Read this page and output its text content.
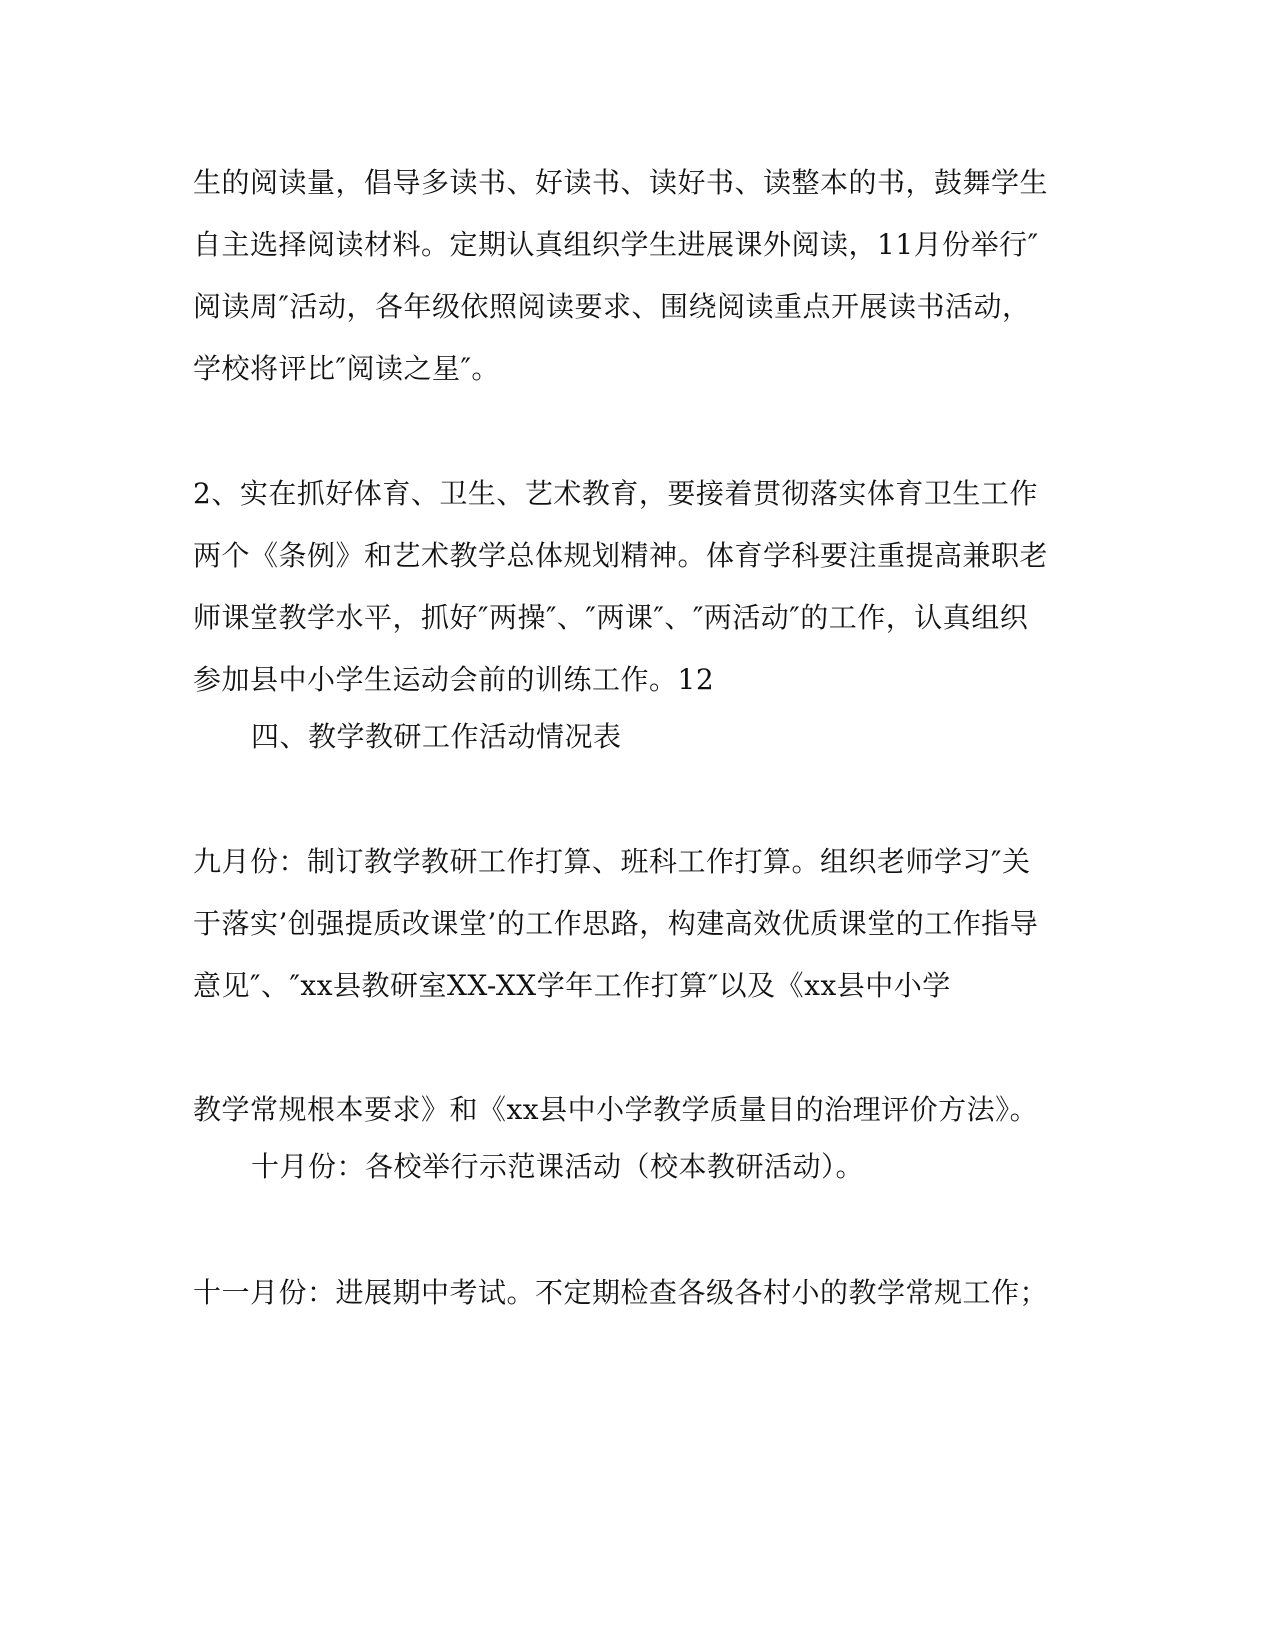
生的阅读量，倡导多读书、好读书、读好书、读整本的书，鼓舞学生
自主选择阅读材料。定期认真组织学生进展课外阅读，11月份举行″
阅读周″活动，各年级依照阅读要求、围绕阅读重点开展读书活动，
学校将评比″阅读之星″。
2、实在抓好体育、卫生、艺术教育，要接着贯彻落实体育卫生工作
两个《条例》和艺术教学总体规划精神。体育学科要注重提高兼职老
师课堂教学水平，抓好″两操″、″两课″、″两活动″的工作，认真组织
参加县中小学生运动会前的训练工作。12
四、教学教研工作活动情况表
九月份：制订教学教研工作打算、班科工作打算。组织老师学习″关
于落实’创强提质改课堂’的工作思路，构建高效优质课堂的工作指导
意见″、″xx县教研室XX-XX学年工作打算″以及《xx县中小学
教学常规根本要求》和《xx县中小学教学质量目的治理评价方法》。
十月份：各校举行示范课活动（校本教研活动）。
十一月份：进展期中考试。不定期检查各级各村小的教学常规工作；
